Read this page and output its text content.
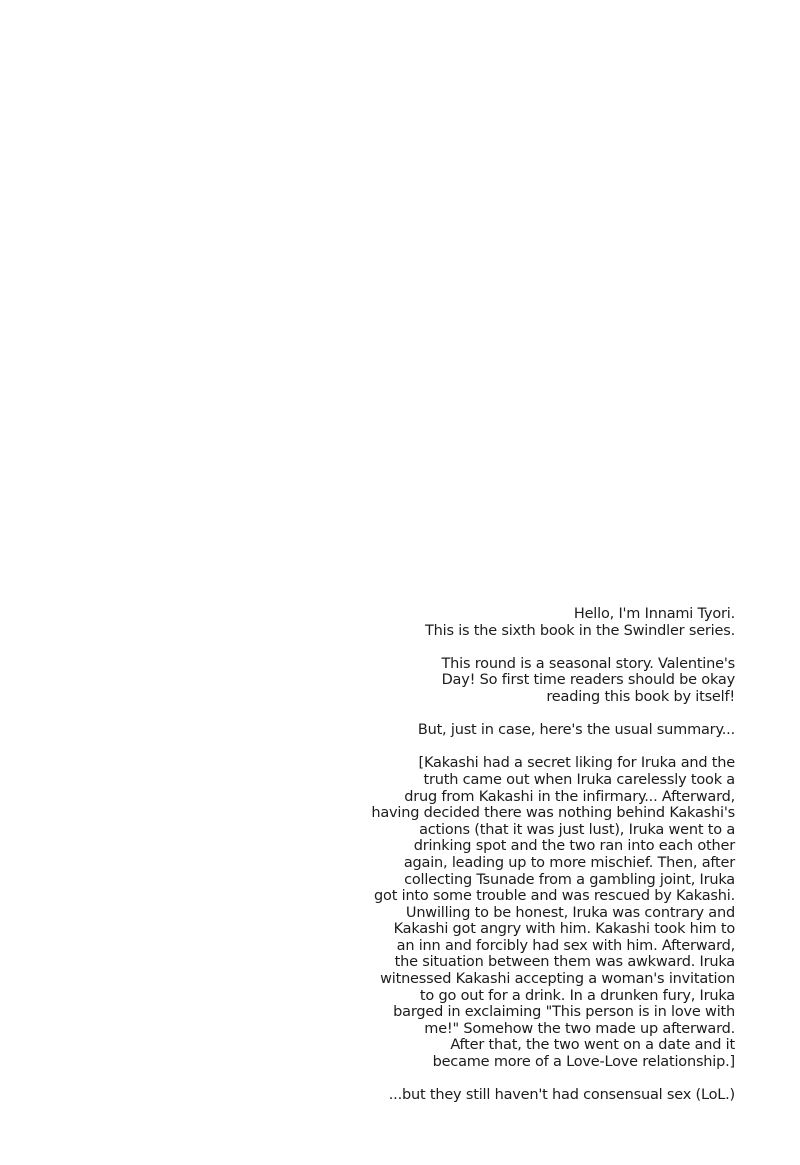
Hello, I'm Innami Tyori.
This is the sixth book in the Swindler series.
This round is a seasonal story. Valentine's
Day! So first time readers should be okay
reading this book by itself!
But, just in case, here's the usual summary...
[Kakashi had a secret liking for Iruka and the
truth came out when Iruka carelessly took a
drug from Kakashi in the infirmary... Afterward,
having decided there was nothing behind Kakashi's
actions (that it was just lust), Iruka went to a
drinking spot and the two ran into each other
again, leading up to more mischief. Then, after
collecting Tsunade from a gambling joint, Iruka
got into some trouble and was rescued by Kakashi.
Unwilling to be honest, Iruka was contrary and
Kakashi got angry with him. Kakashi took him to
an inn and forcibly had sex with him. Afterward,
the situation between them was awkward. Iruka
witnessed Kakashi accepting a woman's invitation
to go out for a drink. In a drunken fury, Iruka
barged in exclaiming "This person is in love with
me!" Somehow the two made up afterward.
After that, the two went on a date and it
became more of a Love-Love relationship.]
...but they still haven't had consensual sex (LoL.)
